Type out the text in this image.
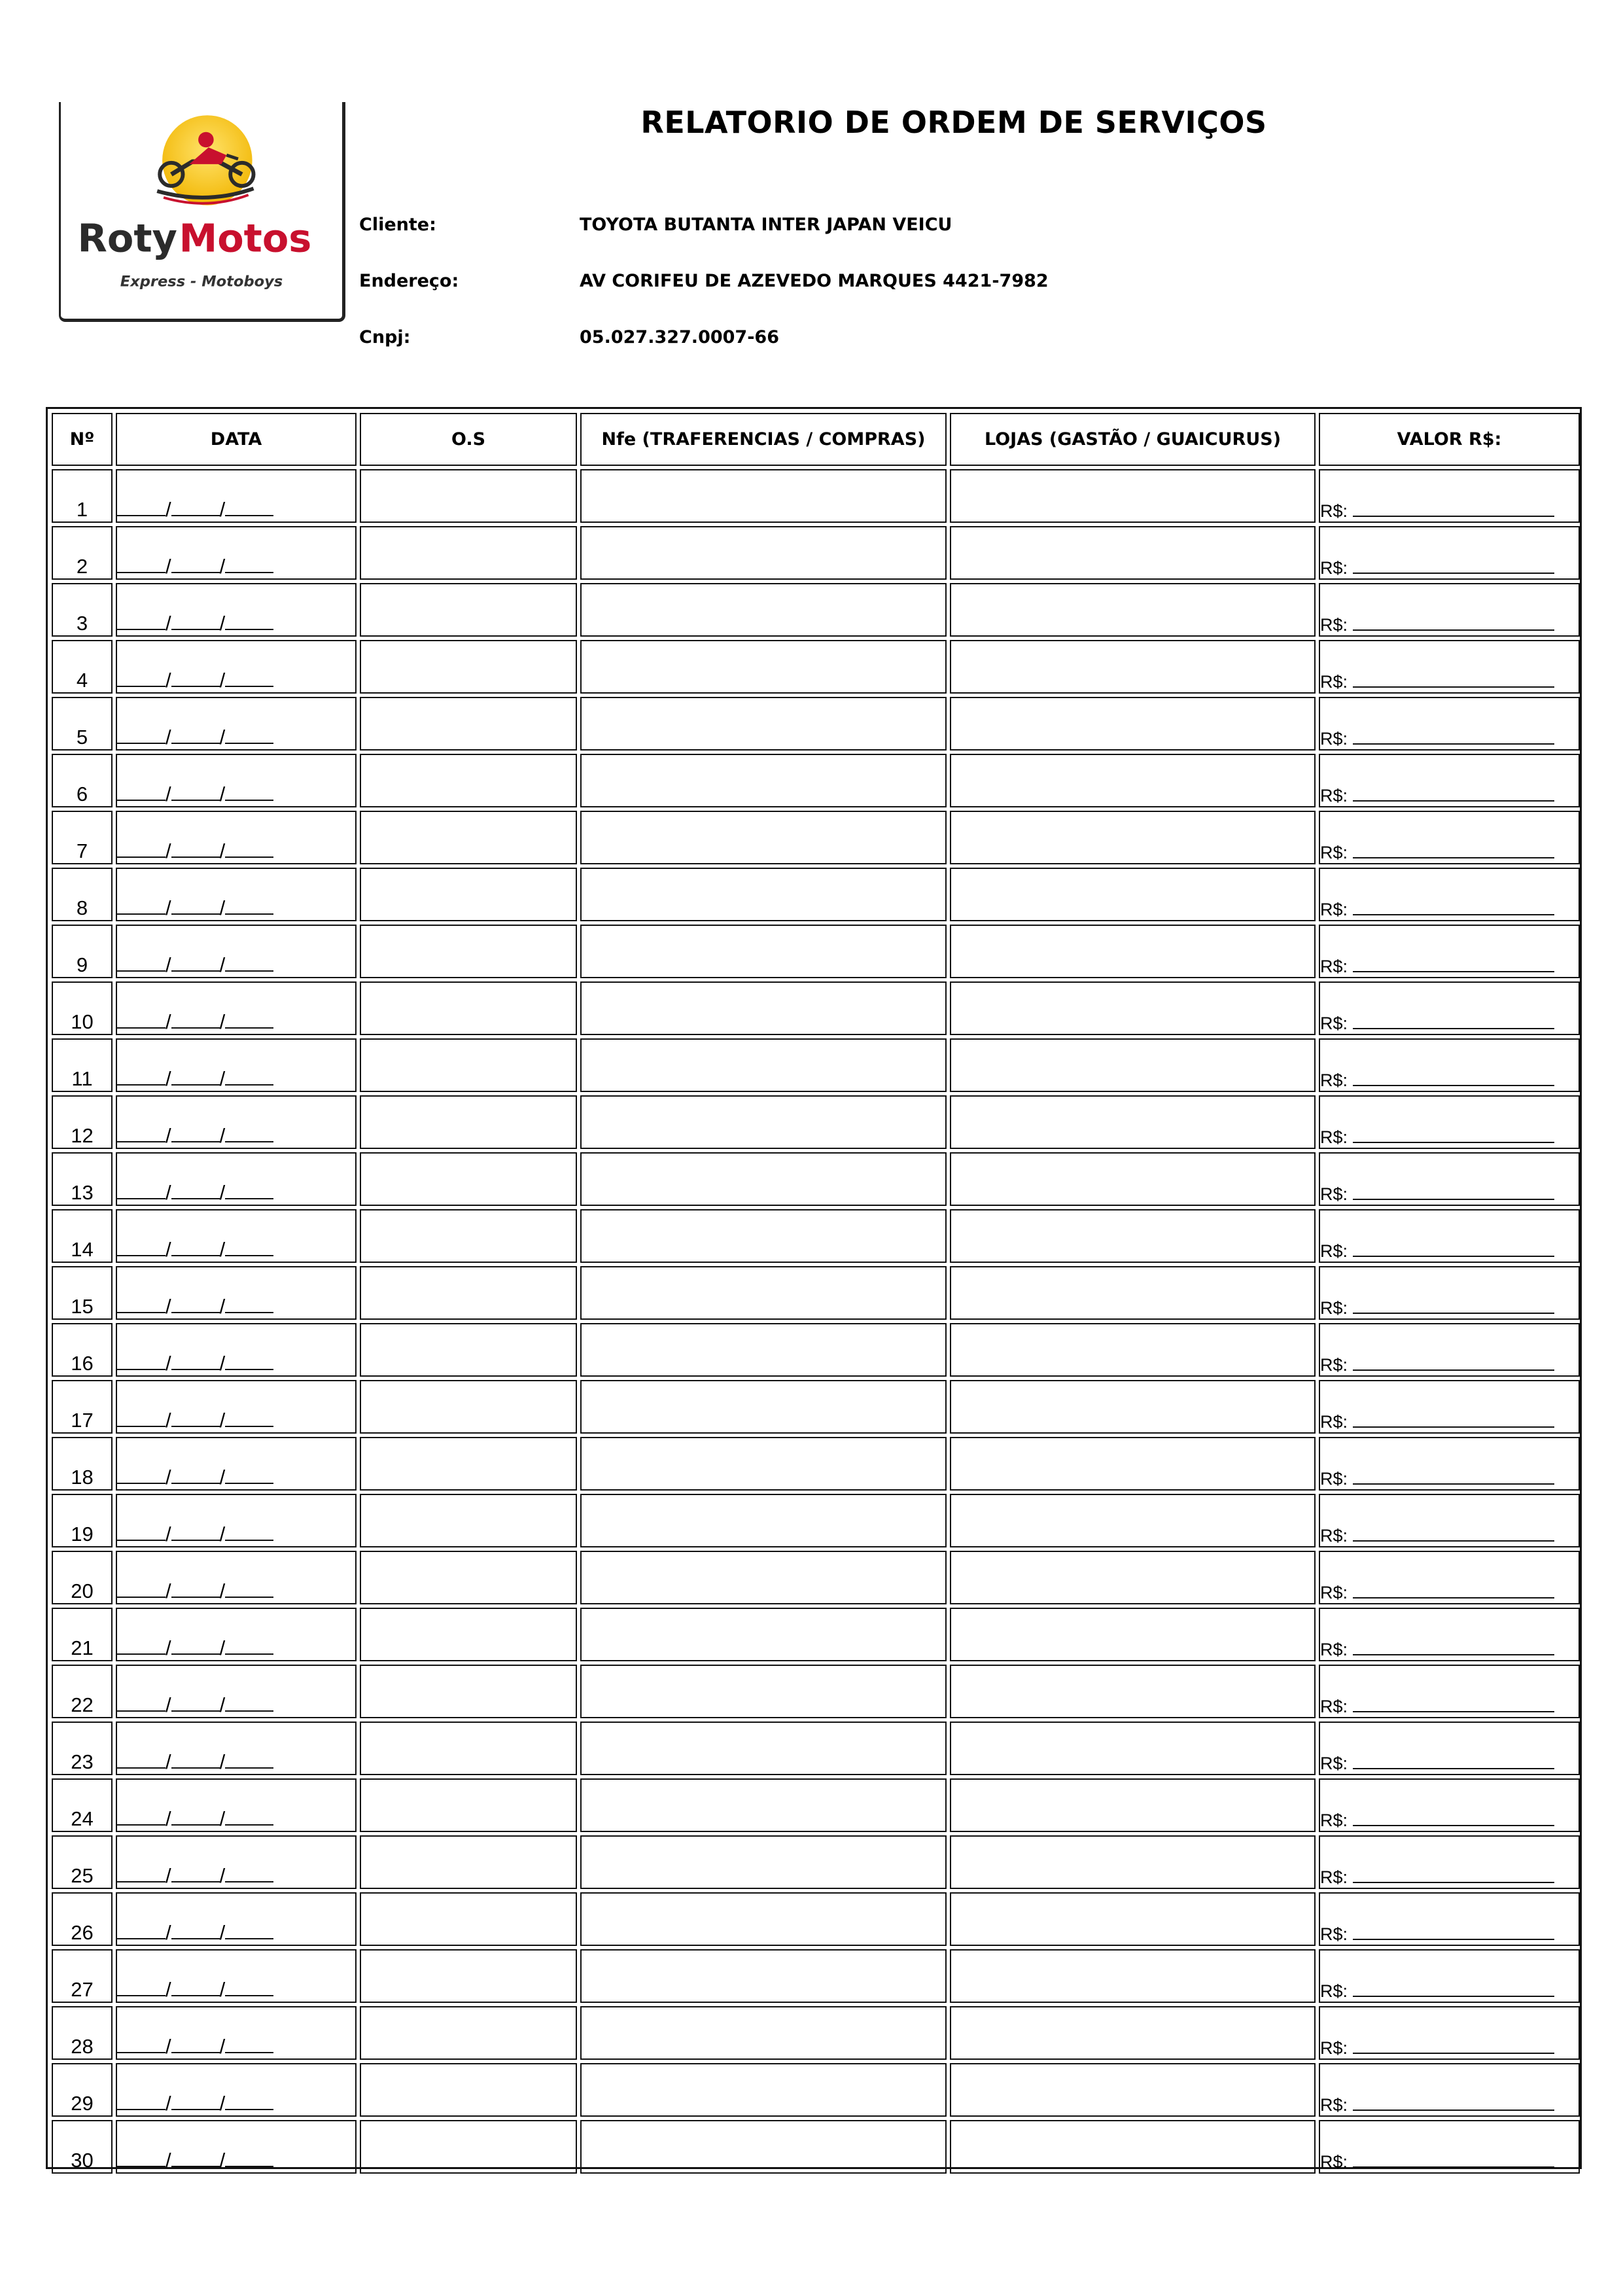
Roty Motos
Express - Motoboys
RELATORIO DE ORDEM DE SERVIÇOS
Cliente:	TOYOTA BUTANTA INTER JAPAN VEICU
Endereço:	AV CORIFEU DE AZEVEDO MARQUES 4421-7982
Cnpj:	05.027.327.0007-66
Nº	DATA	O.S	Nfe (TRAFERENCIAS / COMPRAS)	LOJAS (GASTÃO / GUAICURUS)	VALOR R$:
1	/ /				R$:
2	/ /				R$:
3	/ /				R$:
4	/ /				R$:
5	/ /				R$:
6	/ /				R$:
7	/ /				R$:
8	/ /				R$:
9	/ /				R$:
10	/ /				R$:
11	/ /				R$:
12	/ /				R$:
13	/ /				R$:
14	/ /				R$:
15	/ /				R$:
16	/ /				R$:
17	/ /				R$:
18	/ /				R$:
19	/ /				R$:
20	/ /				R$:
21	/ /				R$:
22	/ /				R$:
23	/ /				R$:
24	/ /				R$:
25	/ /				R$:
26	/ /				R$:
27	/ /				R$:
28	/ /				R$:
29	/ /				R$:
30	/ /				R$:
